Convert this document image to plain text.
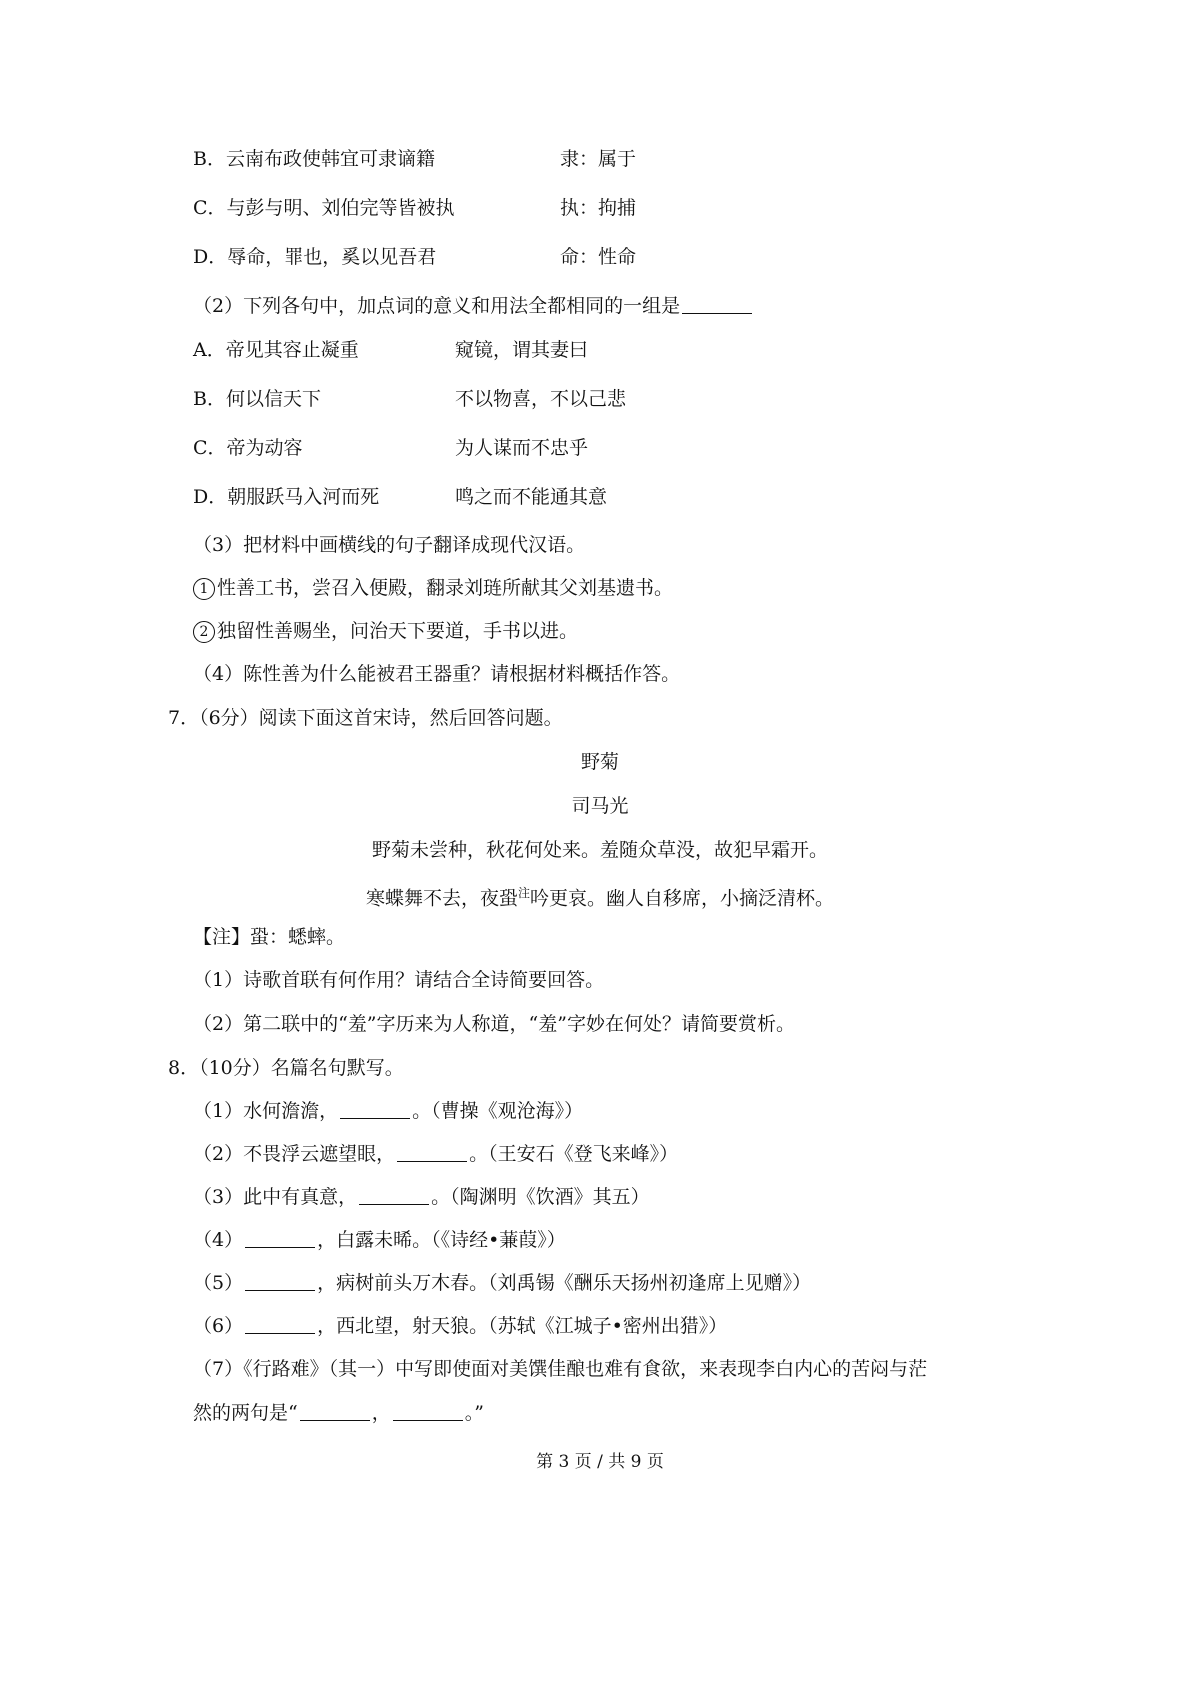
B．云南布政使韩宜可隶谪籍	隶：属于
C．与彭与明、刘伯完等皆被执	执：拘捕
D．辱命，罪也，奚以见吾君	命：性命
（2）下列各句中，加点词的意义和用法全都相同的一组是
A．帝见其容止凝重	窥镜，谓其妻曰
B．何以信天下	不以物喜，不以己悲
C．帝为动容	为人谋而不忠乎
D．朝服跃马入河而死	鸣之而不能通其意
（3）把材料中画横线的句子翻译成现代汉语。
1 性善工书，尝召入便殿，翻录刘琏所献其父刘基遗书。
2 独留性善赐坐，问治天下要道，手书以进。
（4）陈性善为什么能被君王器重？请根据材料概括作答。
7．（6分）阅读下面这首宋诗，然后回答问题。
野菊
司马光
野菊未尝种，秋花何处来。羞随众草没，故犯早霜开。
寒蝶舞不去，夜蛩$^注$吟更哀。幽人自移席，小摘泛清杯。
【注】蛩：蟋蟀。
（1）诗歌首联有何作用？请结合全诗简要回答。
（2）第二联中的“羞”字历来为人称道，“羞”字妙在何处？请简要赏析。
8．（10分）名篇名句默写。
（1）水何澹澹，	。（曹操《观沧海》）
（2）不畏浮云遮望眼，	。（王安石《登飞来峰》）
（3）此中有真意，	。（陶渊明《饮酒》其五）
（4）	，白露未晞。（《诗经•蒹葭》）
（5）	，病树前头万木春。（刘禹锡《酬乐天扬州初逢席上见赠》）
（6）	，西北望，射天狼。（苏轼《江城子•密州出猎》）
（7）《行路难》（其一）中写即使面对美馔佳酿也难有食欲，来表现李白内心的苦闷与茫
然的两句是“	，	。”
第 3 页 / 共 9 页
